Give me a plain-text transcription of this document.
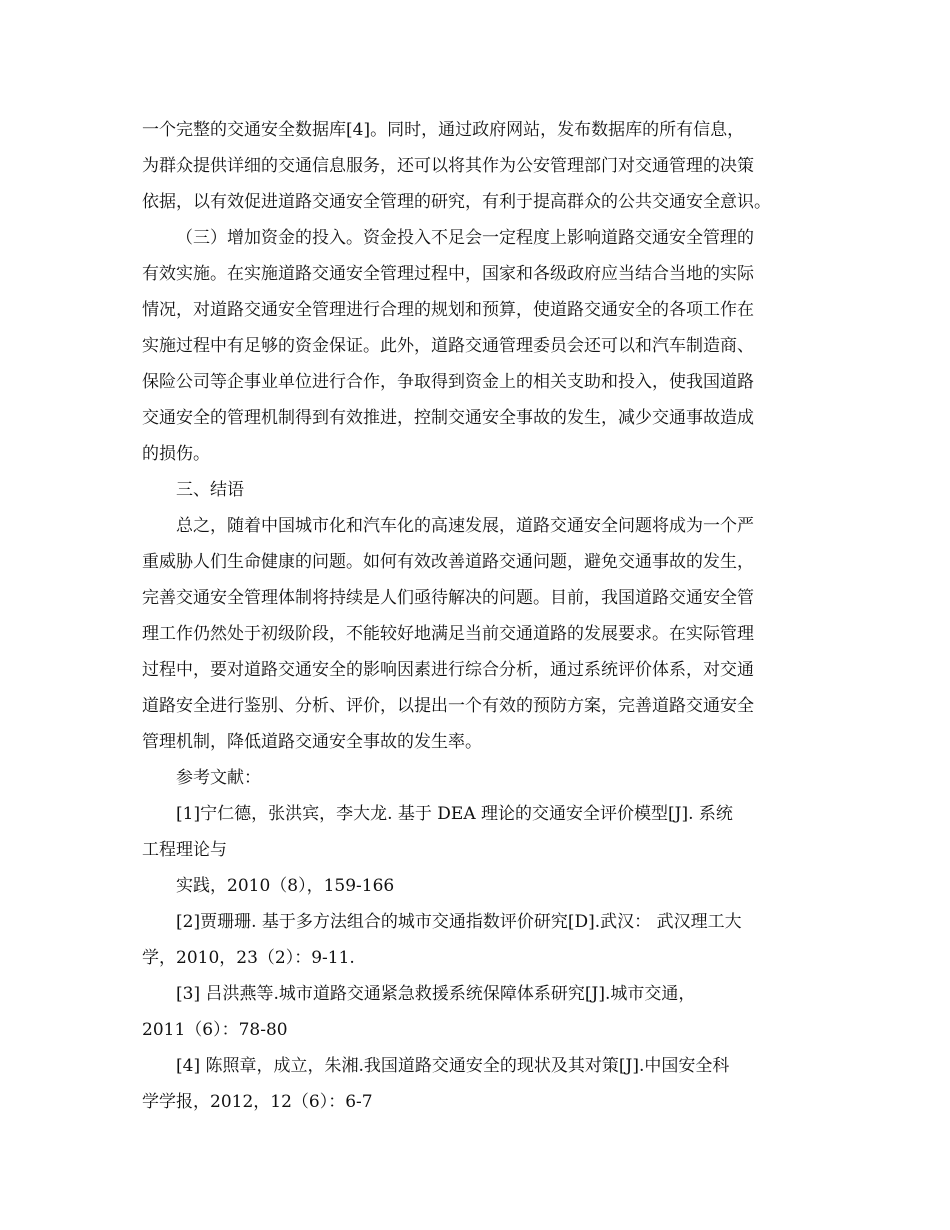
一个完整的交通安全数据库[4]。同时，通过政府网站，发布数据库的所有信息，
为群众提供详细的交通信息服务，还可以将其作为公安管理部门对交通管理的决策
依据，以有效促进道路交通安全管理的研究，有利于提高群众的公共交通安全意识。
（三）增加资金的投入。资金投入不足会一定程度上影响道路交通安全管理的
有效实施。在实施道路交通安全管理过程中，国家和各级政府应当结合当地的实际
情况，对道路交通安全管理进行合理的规划和预算，使道路交通安全的各项工作在
实施过程中有足够的资金保证。此外，道路交通管理委员会还可以和汽车制造商、
保险公司等企事业单位进行合作，争取得到资金上的相关支助和投入，使我国道路
交通安全的管理机制得到有效推进，控制交通安全事故的发生，减少交通事故造成
的损伤。
三、结语
总之，随着中国城市化和汽车化的高速发展，道路交通安全问题将成为一个严
重威胁人们生命健康的问题。如何有效改善道路交通问题，避免交通事故的发生，
完善交通安全管理体制将持续是人们亟待解决的问题。目前，我国道路交通安全管
理工作仍然处于初级阶段，不能较好地满足当前交通道路的发展要求。在实际管理
过程中，要对道路交通安全的影响因素进行综合分析，通过系统评价体系，对交通
道路安全进行鉴别、分析、评价，以提出一个有效的预防方案，完善道路交通安全
管理机制，降低道路交通安全事故的发生率。
参考文献：
[1]宁仁德，张洪宾，李大龙. 基于 DEA 理论的交通安全评价模型[J]. 系统
工程理论与
实践，2010（8），159-166
[2]贾珊珊. 基于多方法组合的城市交通指数评价研究[D].武汉： 武汉理工大
学，2010，23（2）：9-11.
[3] 吕洪燕等.城市道路交通紧急救援系统保障体系研究[J].城市交通，
2011（6）：78-80
[4] 陈照章，成立，朱湘.我国道路交通安全的现状及其对策[J].中国安全科
学学报，2012，12（6）：6-7
